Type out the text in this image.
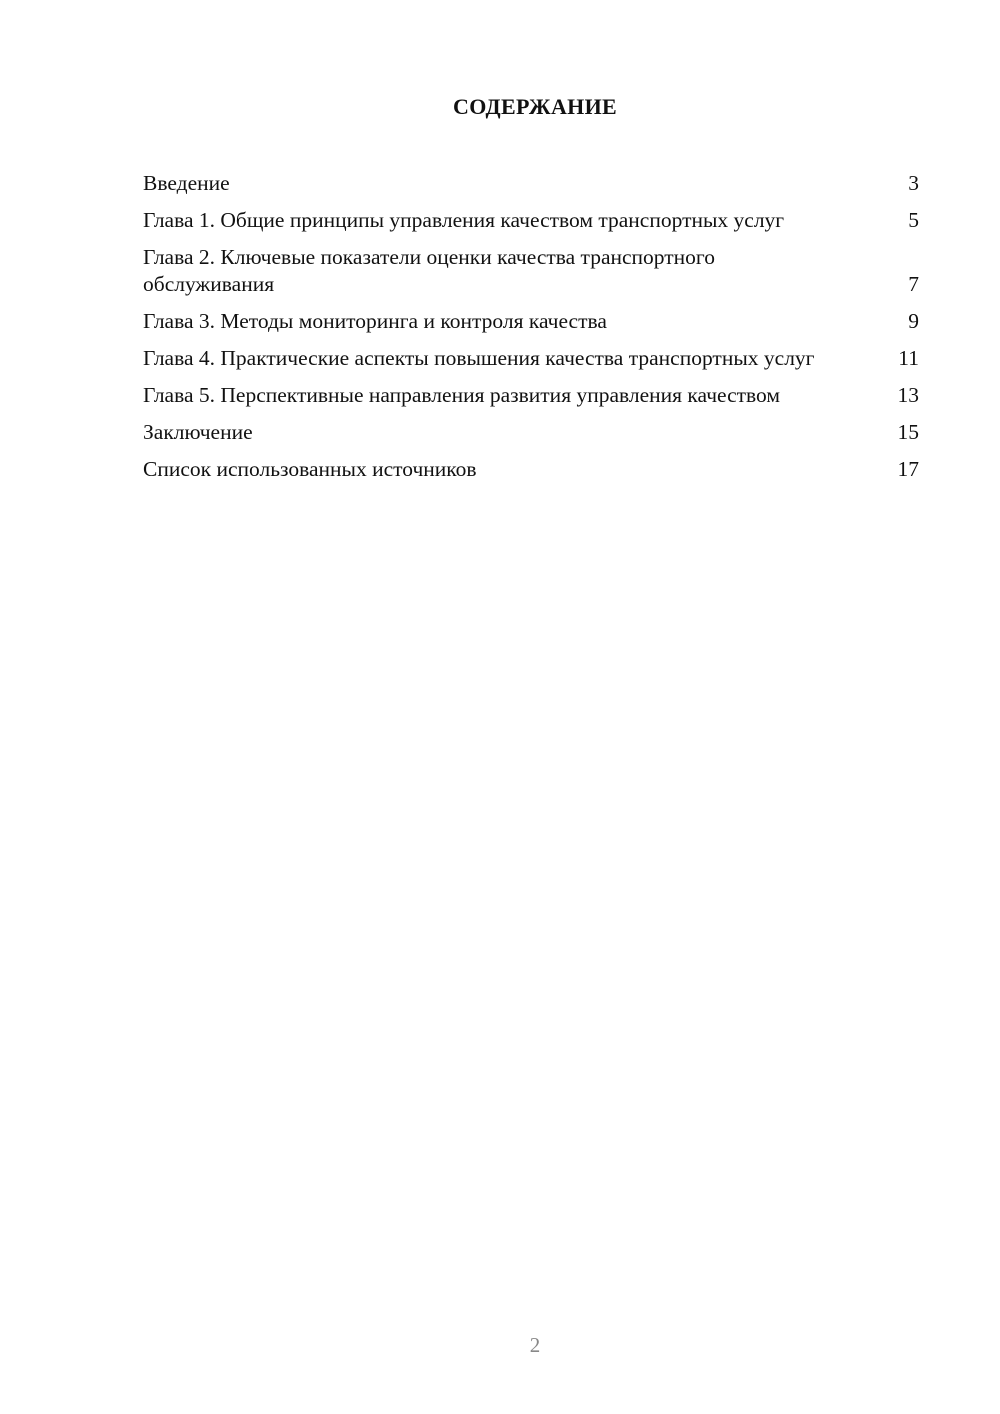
СОДЕРЖАНИЕ
Введение	3
Глава 1. Общие принципы управления качеством транспортных услуг	5
Глава 2. Ключевые показатели оценки качества транспортного обслуживания	7
Глава 3. Методы мониторинга и контроля качества	9
Глава 4. Практические аспекты повышения качества транспортных услуг	11
Глава 5. Перспективные направления развития управления качеством	13
Заключение	15
Список использованных источников	17
2
